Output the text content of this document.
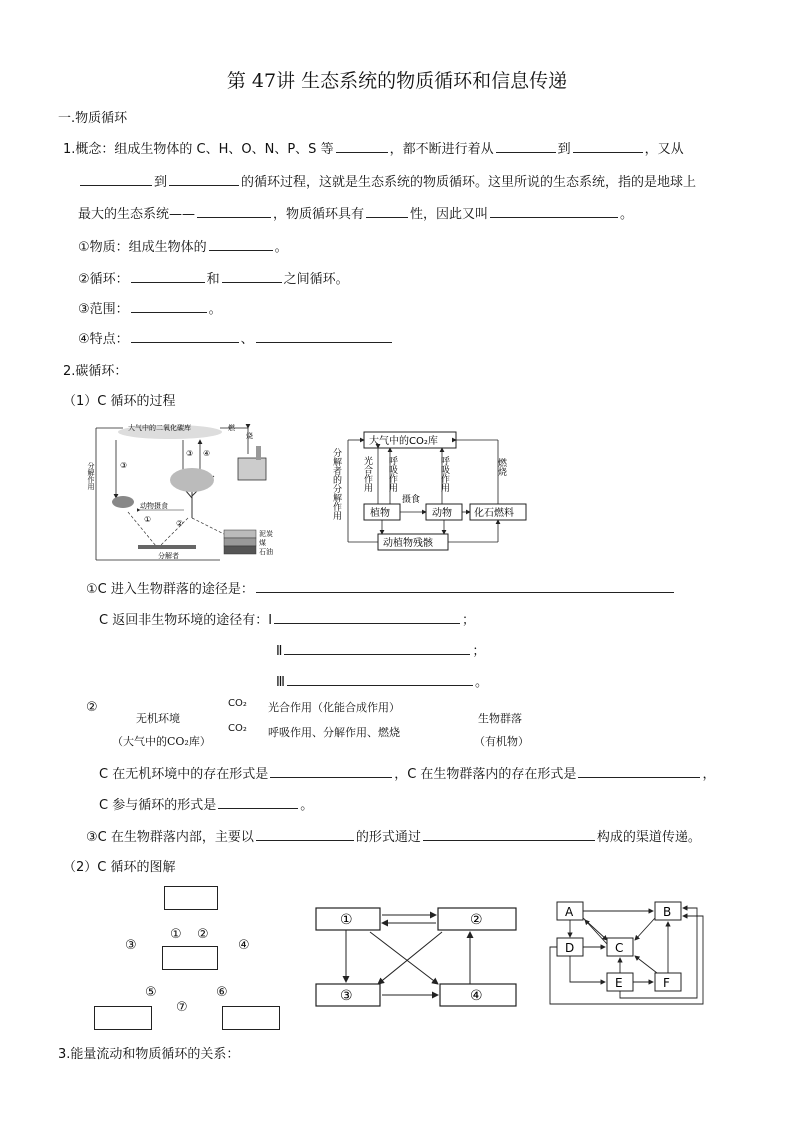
第 47讲 生态系统的物质循环和信息传递
一.物质循环
1.概念：组成生物体的 C、H、O、N、P、S 等	，都不断进行着从	到	，又从
到	的循环过程，这就是生态系统的物质循环。这里所说的生态系统，指的是地球上
最大的生态系统——	，物质循环具有	性，因此又叫	。
①物质：组成生物体的	。
②循环：	和	之间循环。
③范围：	。
④特点：	、
2.碳循环：
（1）C 循环的过程
大气中的二氧化碳库	燃
烧
分解作用	③
③ ④
动物摄食
①	②
分解者
泥炭
煤
石油
分解者的分解作用
大气中的CO₂库
燃烧
光合作用 呼吸作用	呼吸作用
植物
摄食
动物 化石燃料
动植物残骸
①C 进入生物群落的途径是：
C 返回非生物环境的途径有：Ⅰ	；
Ⅱ	；
Ⅲ	。
②
无机环境
（大气中的CO₂库）
CO₂
CO₂
光合作用（化能合成作用）
呼吸作用、分解作用、燃烧
生物群落
（有机物）
C 在无机环境中的存在形式是	，C 在生物群落内的存在形式是	，
C 参与循环的形式是	。
③C 在生物群落内部，主要以	的形式通过	构成的渠道传递。
（2）C 循环的图解
① ②
③	④
⑤	⑥
⑦
①	②
③	④
A	B
C
D
E	F
3.能量流动和物质循环的关系：
